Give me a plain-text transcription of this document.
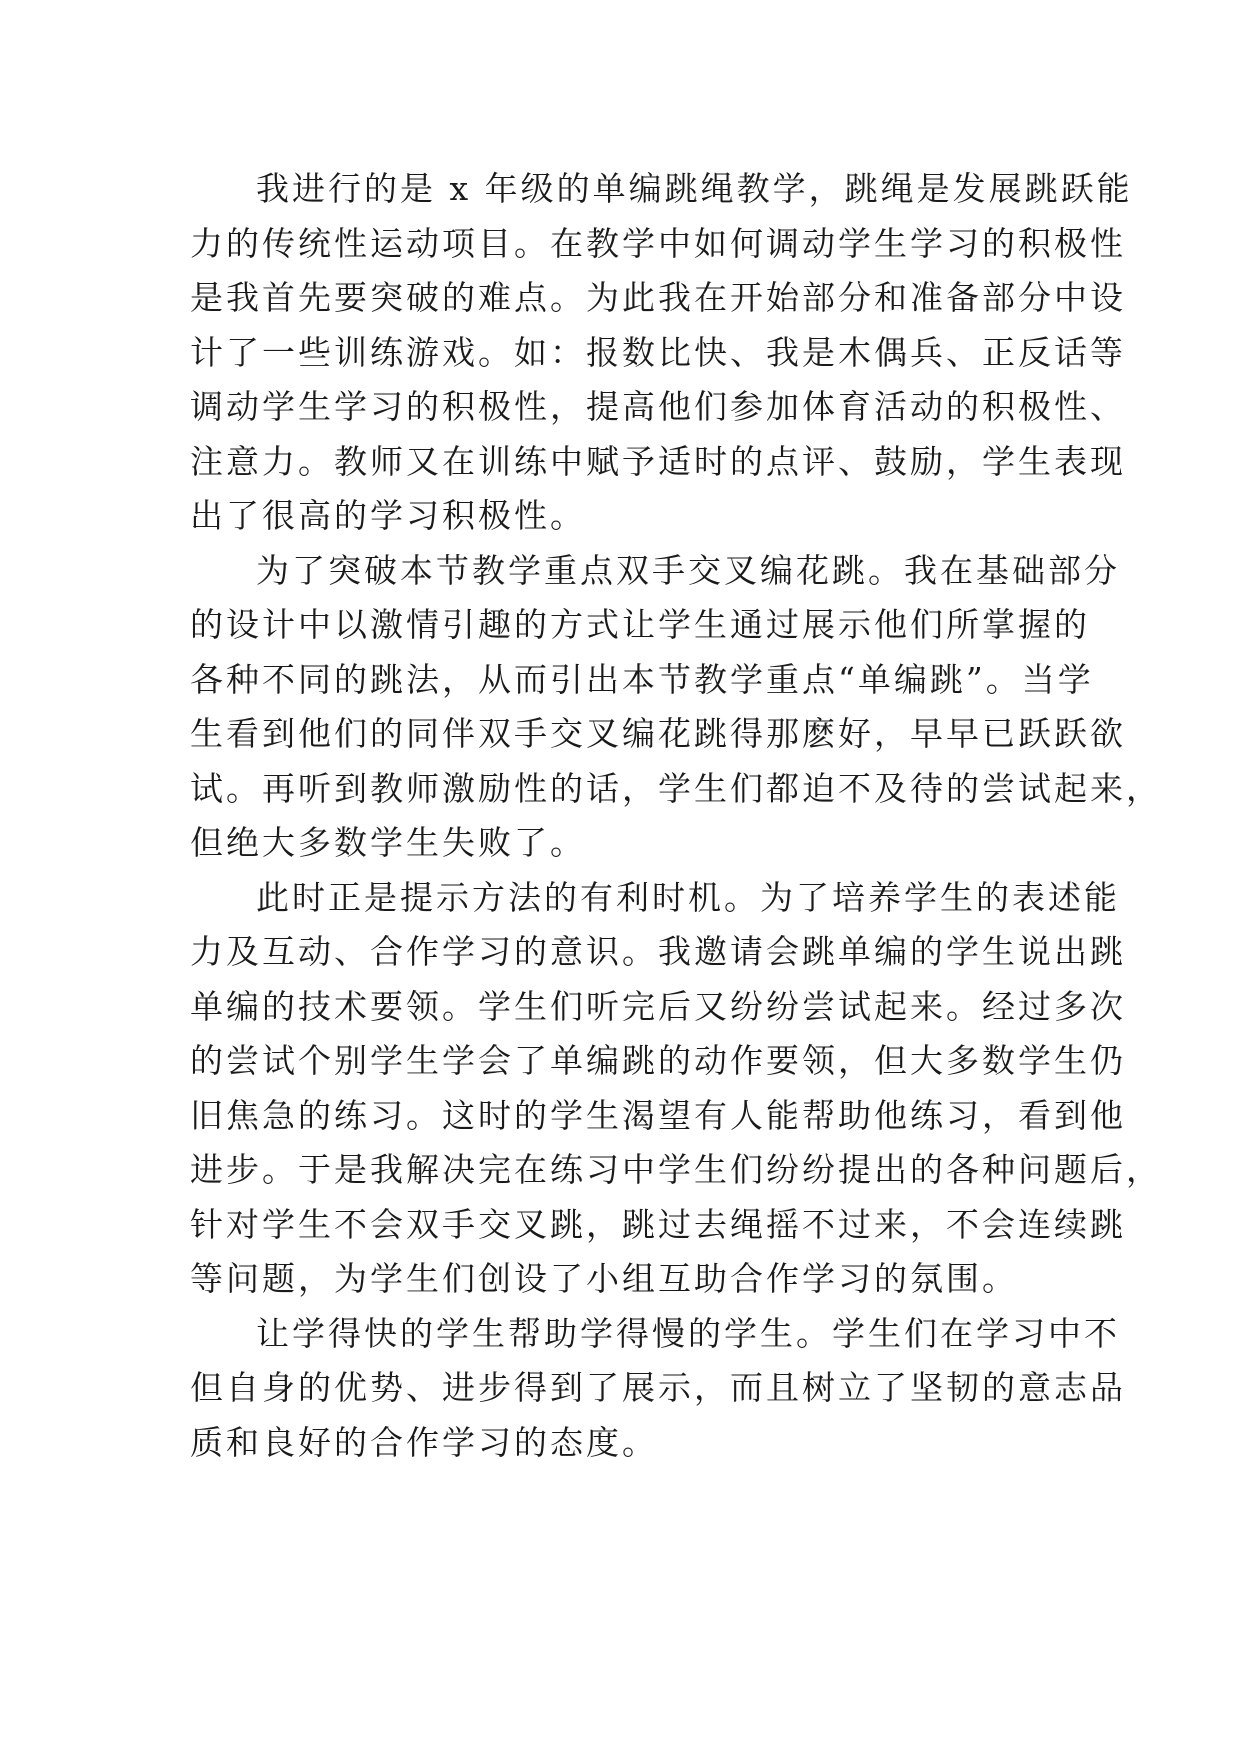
我进行的是 x 年级的单编跳绳教学，跳绳是发展跳跃能
力的传统性运动项目。在教学中如何调动学生学习的积极性
是我首先要突破的难点。为此我在开始部分和准备部分中设
计了一些训练游戏。如：报数比快、我是木偶兵、正反话等
调动学生学习的积极性，提高他们参加体育活动的积极性、
注意力。教师又在训练中赋予适时的点评、鼓励，学生表现
出了很高的学习积极性。
为了突破本节教学重点双手交叉编花跳。我在基础部分
的设计中以激情引趣的方式让学生通过展示他们所掌握的
各种不同的跳法，从而引出本节教学重点“单编跳”。当学
生看到他们的同伴双手交叉编花跳得那麽好，早早已跃跃欲
试。再听到教师激励性的话，学生们都迫不及待的尝试起来，
但绝大多数学生失败了。
此时正是提示方法的有利时机。为了培养学生的表述能
力及互动、合作学习的意识。我邀请会跳单编的学生说出跳
单编的技术要领。学生们听完后又纷纷尝试起来。经过多次
的尝试个别学生学会了单编跳的动作要领，但大多数学生仍
旧焦急的练习。这时的学生渴望有人能帮助他练习，看到他
进步。于是我解决完在练习中学生们纷纷提出的各种问题后，
针对学生不会双手交叉跳，跳过去绳摇不过来，不会连续跳
等问题，为学生们创设了小组互助合作学习的氛围。
让学得快的学生帮助学得慢的学生。学生们在学习中不
但自身的优势、进步得到了展示，而且树立了坚韧的意志品
质和良好的合作学习的态度。
